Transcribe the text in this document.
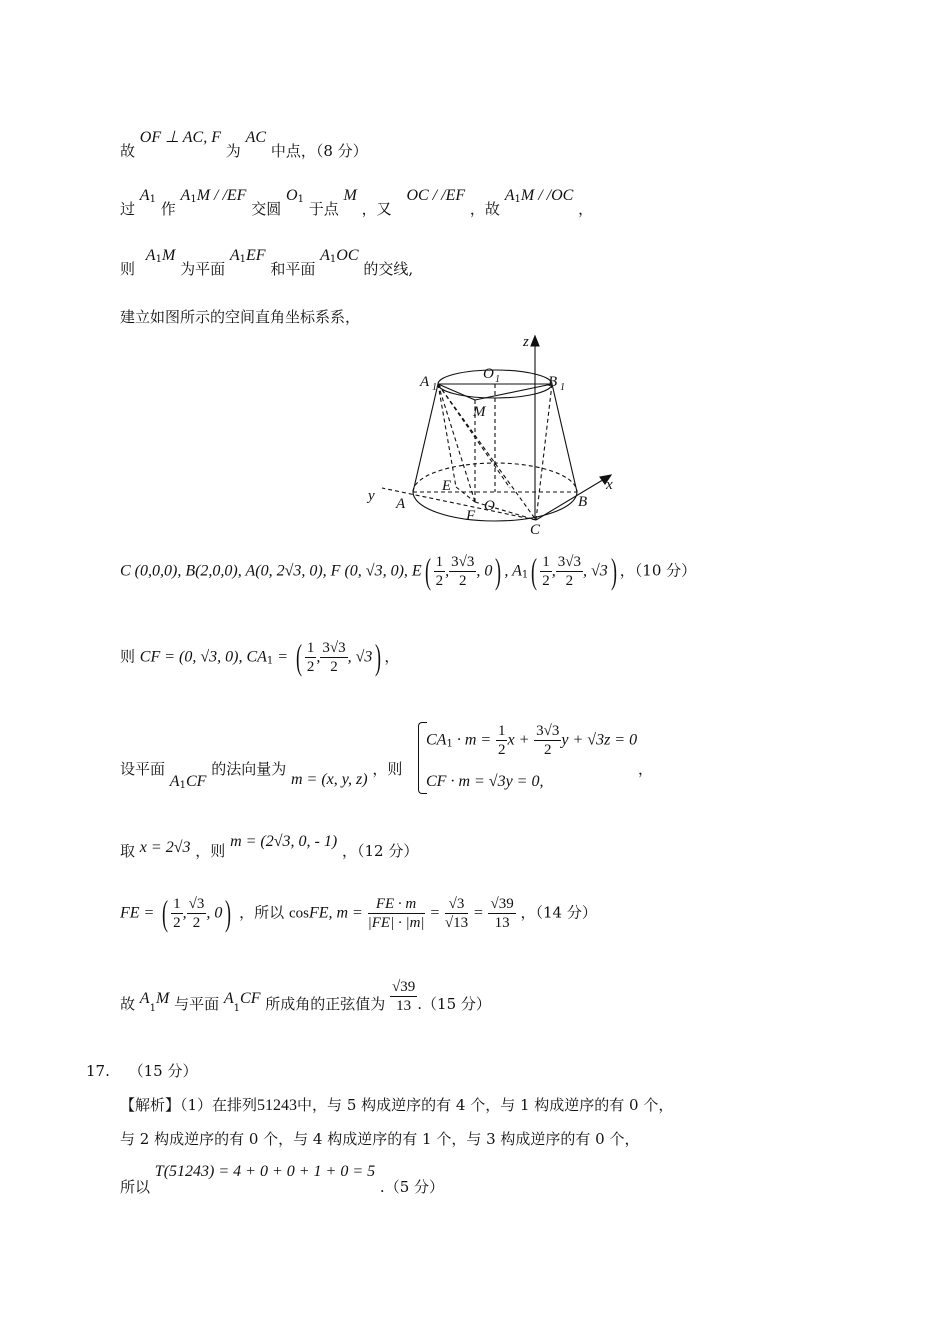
故 OF ⊥ AC, F 为 AC 中点，（8 分）
过 $A_1$ 作 $A_1M / /EF$ 交圆 $O_1$ 于点 M ，又 OC / /EF ，故 $A_1M / /OC$ ，
则 $A_1M$ 为平面 $A_1EF$ 和平面 $A_1OC$ 的交线,
建立如图所示的空间直角坐标系系，
z
x
y
A 1	B 1
O 1
M
E
O
F
A	B
C
C (0,0,0), B(2,0,0), A(0, 2√3, 0), F (0, √3, 0), $E( \frac{1}{2}$ , $\frac{3√3}{2}$ , 0) , $A_1( \frac{1}{2}$ , $\frac{3√3}{2}$ , √3) ，（10 分）
则 CF = (0, √3, 0), $CA_1$ = ( $\frac{1}{2}$ , $\frac{3√3}{2}$ , √3) ，
设平面 $A_1CF$ 的法向量为 m = (x, y, z) ，则
$CA_1 \cdot m = \frac{1}{2}$ $x + \frac{3√3}{2}$ y + √3z = 0
CF · m = √3y = 0,
，
取 x = 2√3 ，则 m = (2√3, 0, - 1) ，（12 分）
FE = ( $\frac{1}{2}$ , $\frac{√3}{2}$ , 0) ，所以 cosFE, $m = \frac{FE \cdot m}{|FE| \cdot |m|} = \frac{√3}{√13} = \frac{√39}{13}$ ，（14 分）
故 $A_1M$ 与平面 $A_1CF$ 所成角的正弦值为 $\frac{√39}{13} .(15$ 分）
17. （15 分）
【解析】（1）在排列51243中，与 5 构成逆序的有 4 个，与 1 构成逆序的有 0 个，
与 2 构成逆序的有 0 个，与 4 构成逆序的有 1 个，与 3 构成逆序的有 0 个，
所以 T(51243) = 4 + 0 + 0 + 1 + 0 = 5 .（5 分）
